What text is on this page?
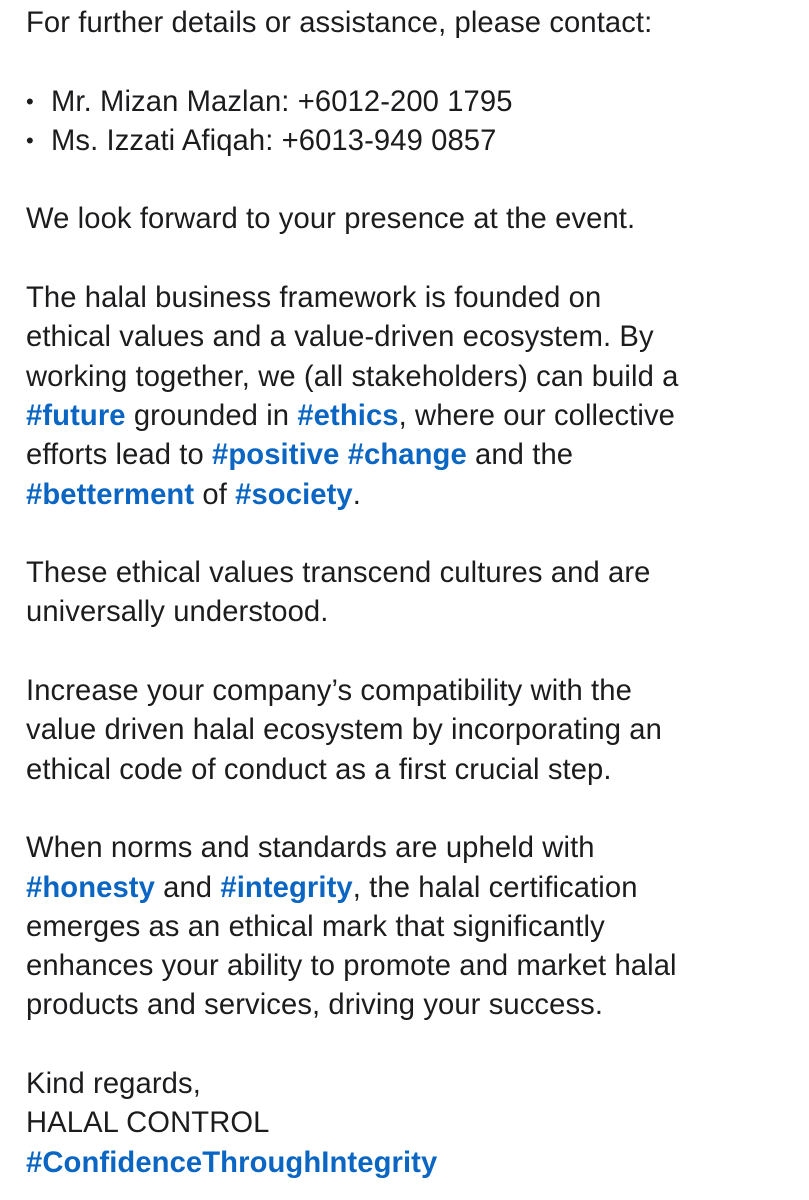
For further details or assistance, please contact:
• Mr. Mizan Mazlan: +6012-200 1795
• Ms. Izzati Afiqah: +6013-949 0857
We look forward to your presence at the event.
The halal business framework is founded on
ethical values and a value-driven ecosystem. By
working together, we (all stakeholders) can build a
#future grounded in #ethics, where our collective
efforts lead to #positive #change and the
#betterment of #society.
These ethical values transcend cultures and are
universally understood.
Increase your company’s compatibility with the
value driven halal ecosystem by incorporating an
ethical code of conduct as a first crucial step.
When norms and standards are upheld with
#honesty and #integrity, the halal certification
emerges as an ethical mark that significantly
enhances your ability to promote and market halal
products and services, driving your success.
Kind regards,
HALAL CONTROL
#ConfidenceThroughIntegrity
